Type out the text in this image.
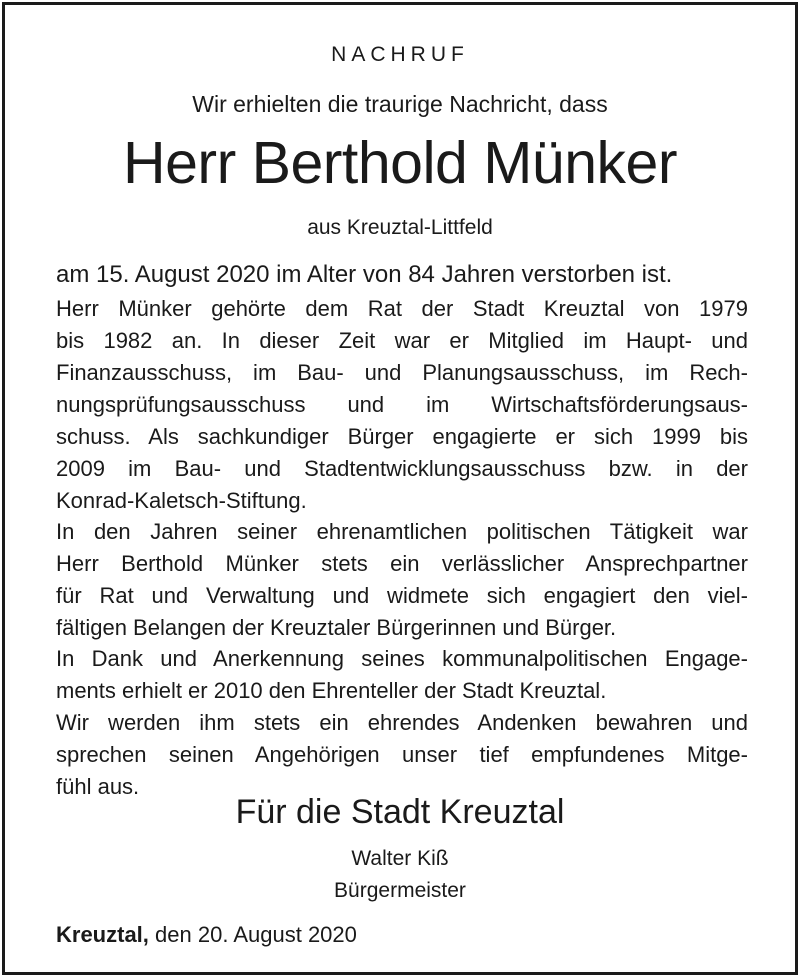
NACHRUF
Wir erhielten die traurige Nachricht, dass
Herr Berthold Münker
aus Kreuztal-Littfeld
am 15. August 2020 im Alter von 84 Jahren verstorben ist.
Herr Münker gehörte dem Rat der Stadt Kreuztal von 1979
bis 1982 an. In dieser Zeit war er Mitglied im Haupt- und
Finanzausschuss, im Bau- und Planungsausschuss, im Rech-
nungsprüfungsausschuss und im Wirtschaftsförderungsaus-
schuss. Als sachkundiger Bürger engagierte er sich 1999 bis
2009 im Bau- und Stadtentwicklungsausschuss bzw. in der
Konrad-Kaletsch-Stiftung.
In den Jahren seiner ehrenamtlichen politischen Tätigkeit war
Herr Berthold Münker stets ein verlässlicher Ansprechpartner
für Rat und Verwaltung und widmete sich engagiert den viel-
fältigen Belangen der Kreuztaler Bürgerinnen und Bürger.
In Dank und Anerkennung seines kommunalpolitischen Engage-
ments erhielt er 2010 den Ehrenteller der Stadt Kreuztal.
Wir werden ihm stets ein ehrendes Andenken bewahren und
sprechen seinen Angehörigen unser tief empfundenes Mitge-
fühl aus.
Für die Stadt Kreuztal
Walter Kiß
Bürgermeister
Kreuztal, den 20. August 2020
